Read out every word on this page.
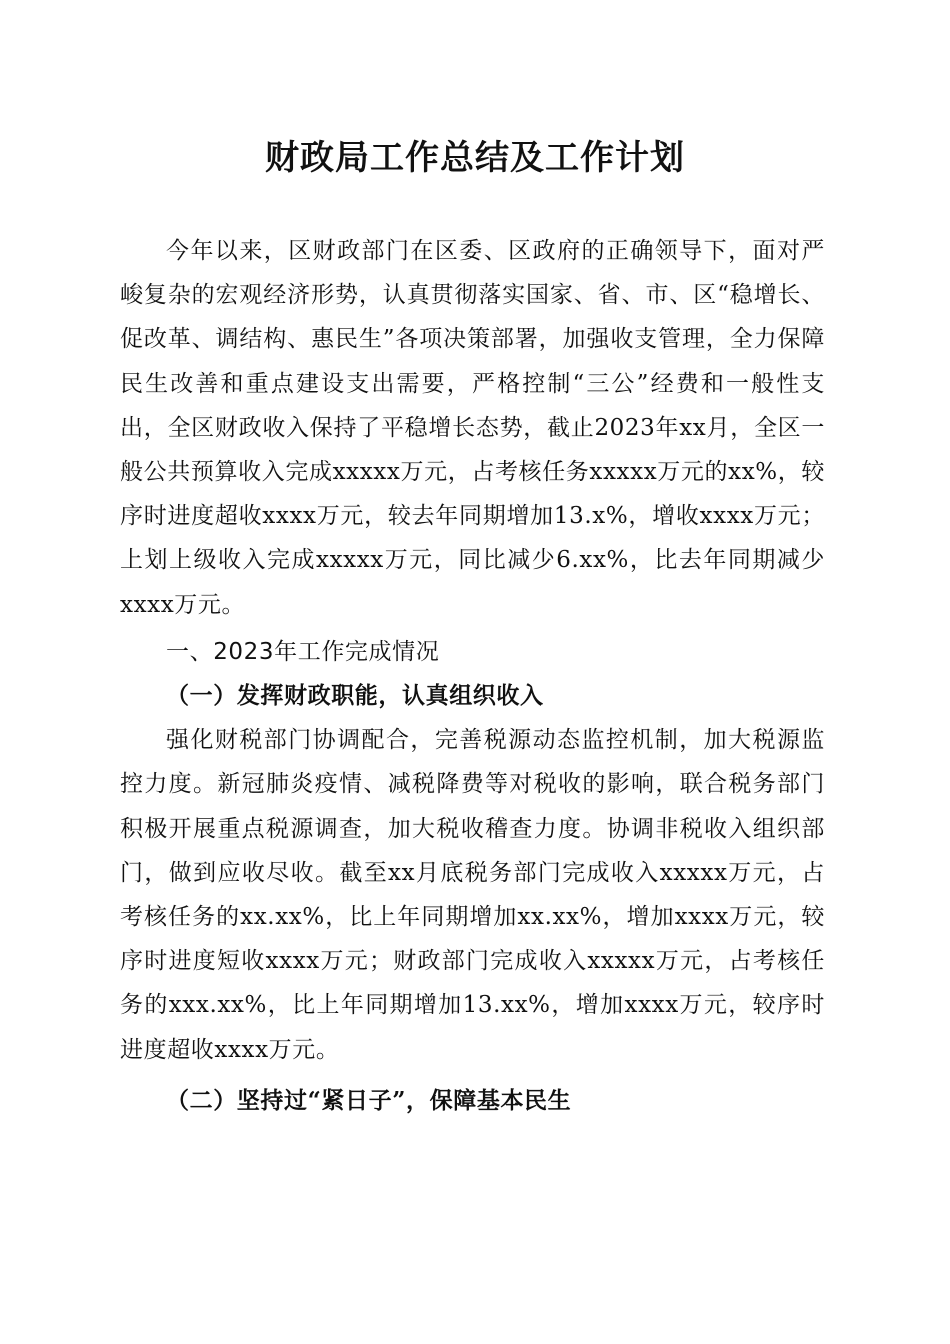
财政局工作总结及工作计划

今年以来，区财政部门在区委、区政府的正确领导下，面对严峻复杂的宏观经济形势，认真贯彻落实国家、省、市、区“稳增长、促改革、调结构、惠民生”各项决策部署，加强收支管理，全力保障民生改善和重点建设支出需要，严格控制“三公”经费和一般性支出，全区财政收入保持了平稳增长态势，截止2023年xx月，全区一般公共预算收入完成xxxxx万元，占考核任务xxxxx万元的xx%，较序时进度超收xxxx万元，较去年同期增加13.x%，增收xxxx万元；上划上级收入完成xxxxx万元，同比减少6.xx%，比去年同期减少xxxx万元。

一、2023年工作完成情况

（一）发挥财政职能，认真组织收入

强化财税部门协调配合，完善税源动态监控机制，加大税源监控力度。新冠肺炎疫情、减税降费等对税收的影响，联合税务部门积极开展重点税源调查，加大税收稽查力度。协调非税收入组织部门，做到应收尽收。截至xx月底税务部门完成收入xxxxx万元，占考核任务的xx.xx%，比上年同期增加xx.xx%，增加xxxx万元，较序时进度短收xxxx万元；财政部门完成收入xxxxx万元，占考核任务的xxx.xx%，比上年同期增加13.xx%，增加xxxx万元，较序时进度超收xxxx万元。

（二）坚持过“紧日子”，保障基本民生
